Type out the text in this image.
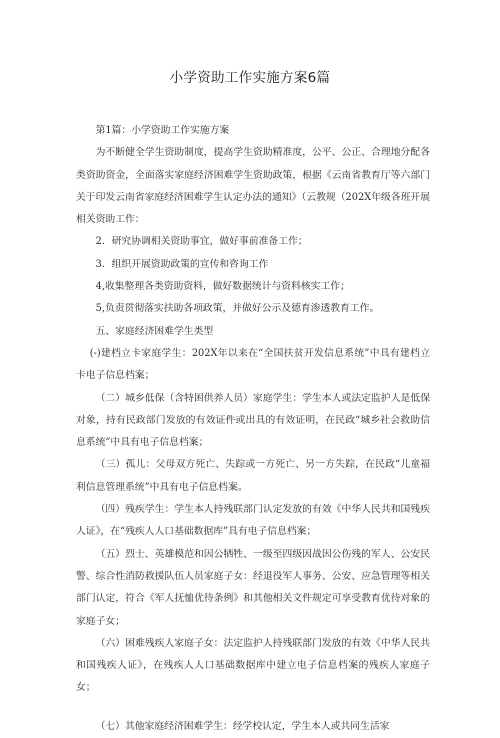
小学资助工作实施方案6篇

第1篇：小学资助工作实施方案

为不断健全学生资助制度，提高学生资助精准度，公平、公正、合理地分配各类资助资金，全面落实家庭经济困难学生资助政策，根据《云南省教育厅等六部门关于印发云南省家庭经济困难学生认定办法的通知》（云教规（202X年级各班开展相关资助工作：

2．研究协调相关资助事宜，做好事前准备工作；

3．组织开展资助政策的宣传和咨询工作

4,收集整理各类资助资料，做好数据统计与资料核实工作；

5,负责贯彻落实扶助各项政策，并做好公示及德育渗透教育工作。

五、家庭经济困难学生类型

(-)建档立卡家庭学生：202X年以来在“全国扶贫开发信息系统”中具有建档立卡电子信息档案；

（二）城乡低保（含特困供养人员）家庭学生：学生本人或法定监护人是低保对象，持有民政部门发放的有效证件或出具的有效证明，在民政“城乡社会救助信息系统”中具有电子信息档案；

（三）孤儿：父母双方死亡、失踪或一方死亡、另一方失踪，在民政“儿童福利信息管理系统”中具有电子信息档案。

（四）残疾学生：学生本人持残联部门认定发放的有效《中华人民共和国残疾人证》，在“残疾人人口基础数据库”具有电子信息档案；

（五）烈士、英雄模范和因公牺牲、一级至四级因战因公伤残的军人、公安民警、综合性消防救援队伍人员家庭子女：经退役军人事务、公安、应急管理等相关部门认定，符合《军人抚恤优待条例》和其他相关文件规定可享受教育优待对象的家庭子女；

（六）困难残疾人家庭子女：法定监护人持残联部门发放的有效《中华人民共和国残疾人证》，在残疾人人口基础数据库中建立电子信息档案的残疾人家庭子女；

（七）其他家庭经济困难学生：经学校认定，学生本人或共同生活家
